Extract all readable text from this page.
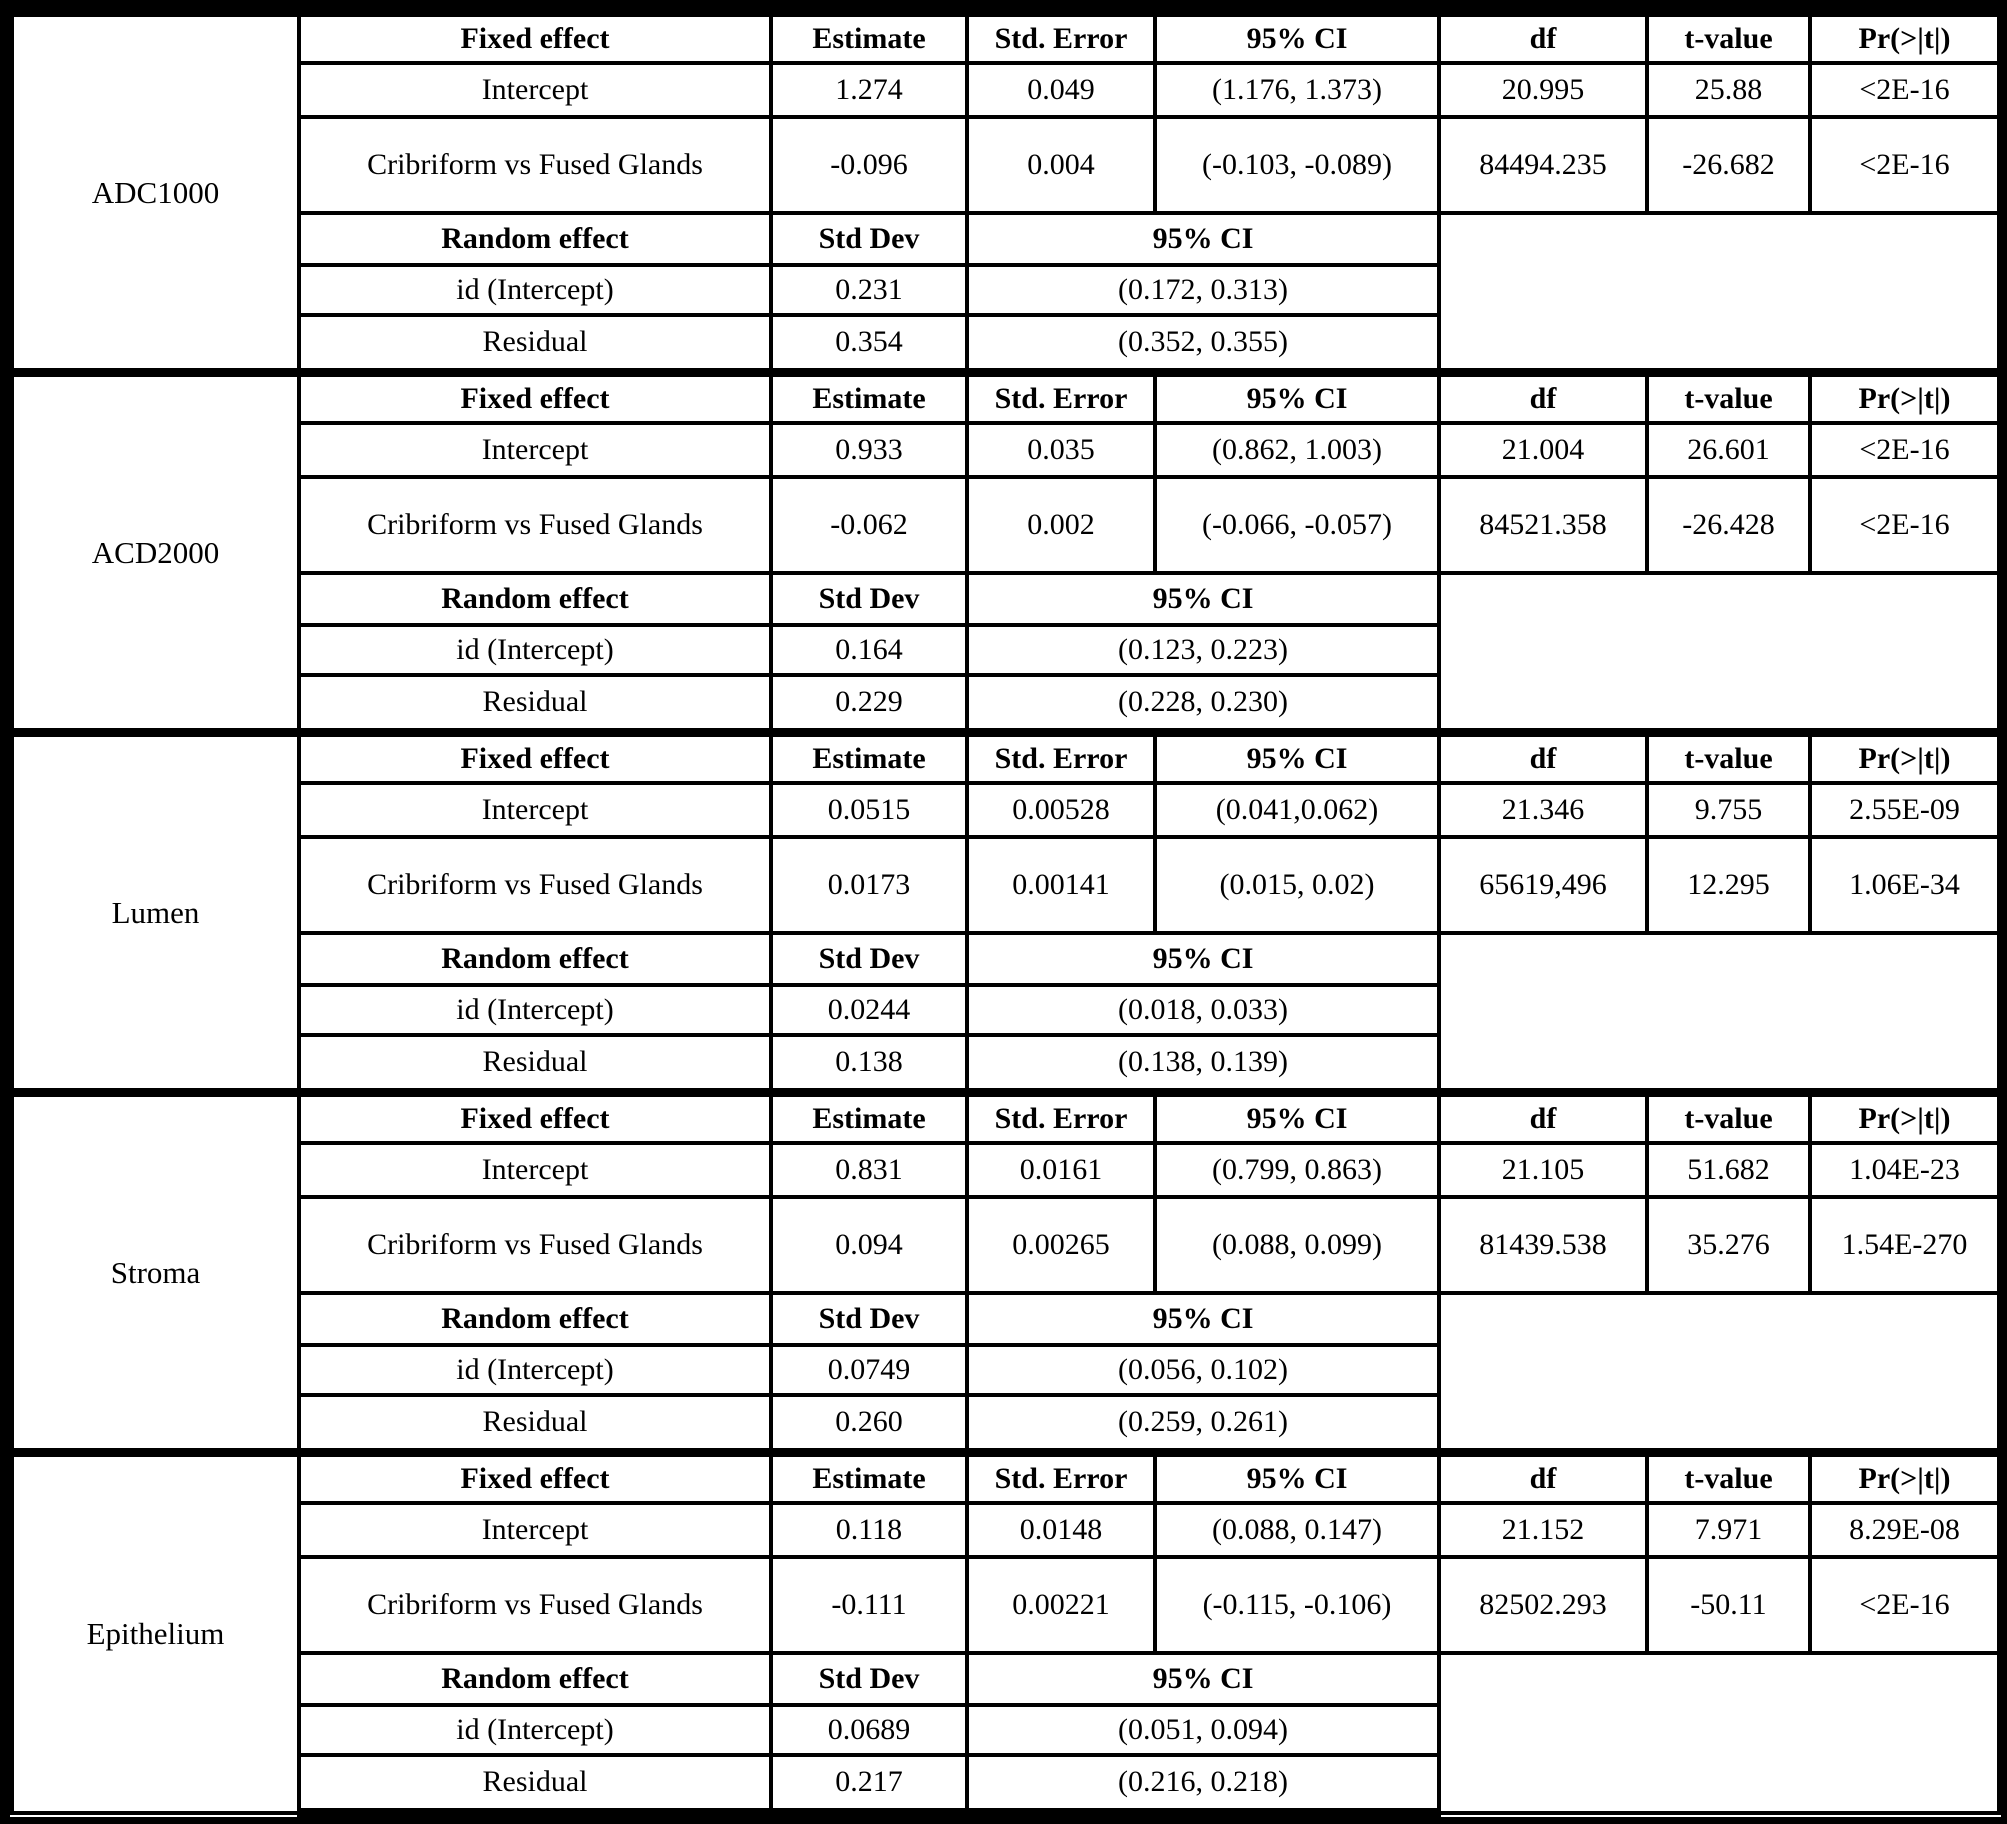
ADC1000	Fixed effect	Estimate	Std. Error	95% CI	df	t-value	Pr(>|t|)
	Intercept	1.274	0.049	(1.176, 1.373)	20.995	25.88	<2E-16
	Cribriform vs Fused Glands	-0.096	0.004	(-0.103, -0.089)	84494.235	-26.682	<2E-16
	Random effect	Std Dev	95% CI				
	id (Intercept)	0.231	(0.172, 0.313)				
	Residual	0.354	(0.352, 0.355)				
ACD2000	Fixed effect	Estimate	Std. Error	95% CI	df	t-value	Pr(>|t|)
	Intercept	0.933	0.035	(0.862, 1.003)	21.004	26.601	<2E-16
	Cribriform vs Fused Glands	-0.062	0.002	(-0.066, -0.057)	84521.358	-26.428	<2E-16
	Random effect	Std Dev	95% CI				
	id (Intercept)	0.164	(0.123, 0.223)				
	Residual	0.229	(0.228, 0.230)				
Lumen	Fixed effect	Estimate	Std. Error	95% CI	df	t-value	Pr(>|t|)
	Intercept	0.0515	0.00528	(0.041,0.062)	21.346	9.755	2.55E-09
	Cribriform vs Fused Glands	0.0173	0.00141	(0.015, 0.02)	65619,496	12.295	1.06E-34
	Random effect	Std Dev	95% CI				
	id (Intercept)	0.0244	(0.018, 0.033)				
	Residual	0.138	(0.138, 0.139)				
Stroma	Fixed effect	Estimate	Std. Error	95% CI	df	t-value	Pr(>|t|)
	Intercept	0.831	0.0161	(0.799, 0.863)	21.105	51.682	1.04E-23
	Cribriform vs Fused Glands	0.094	0.00265	(0.088, 0.099)	81439.538	35.276	1.54E-270
	Random effect	Std Dev	95% CI				
	id (Intercept)	0.0749	(0.056, 0.102)				
	Residual	0.260	(0.259, 0.261)				
Epithelium	Fixed effect	Estimate	Std. Error	95% CI	df	t-value	Pr(>|t|)
	Intercept	0.118	0.0148	(0.088, 0.147)	21.152	7.971	8.29E-08
	Cribriform vs Fused Glands	-0.111	0.00221	(-0.115, -0.106)	82502.293	-50.11	<2E-16
	Random effect	Std Dev	95% CI				
	id (Intercept)	0.0689	(0.051, 0.094)				
	Residual	0.217	(0.216, 0.218)				
